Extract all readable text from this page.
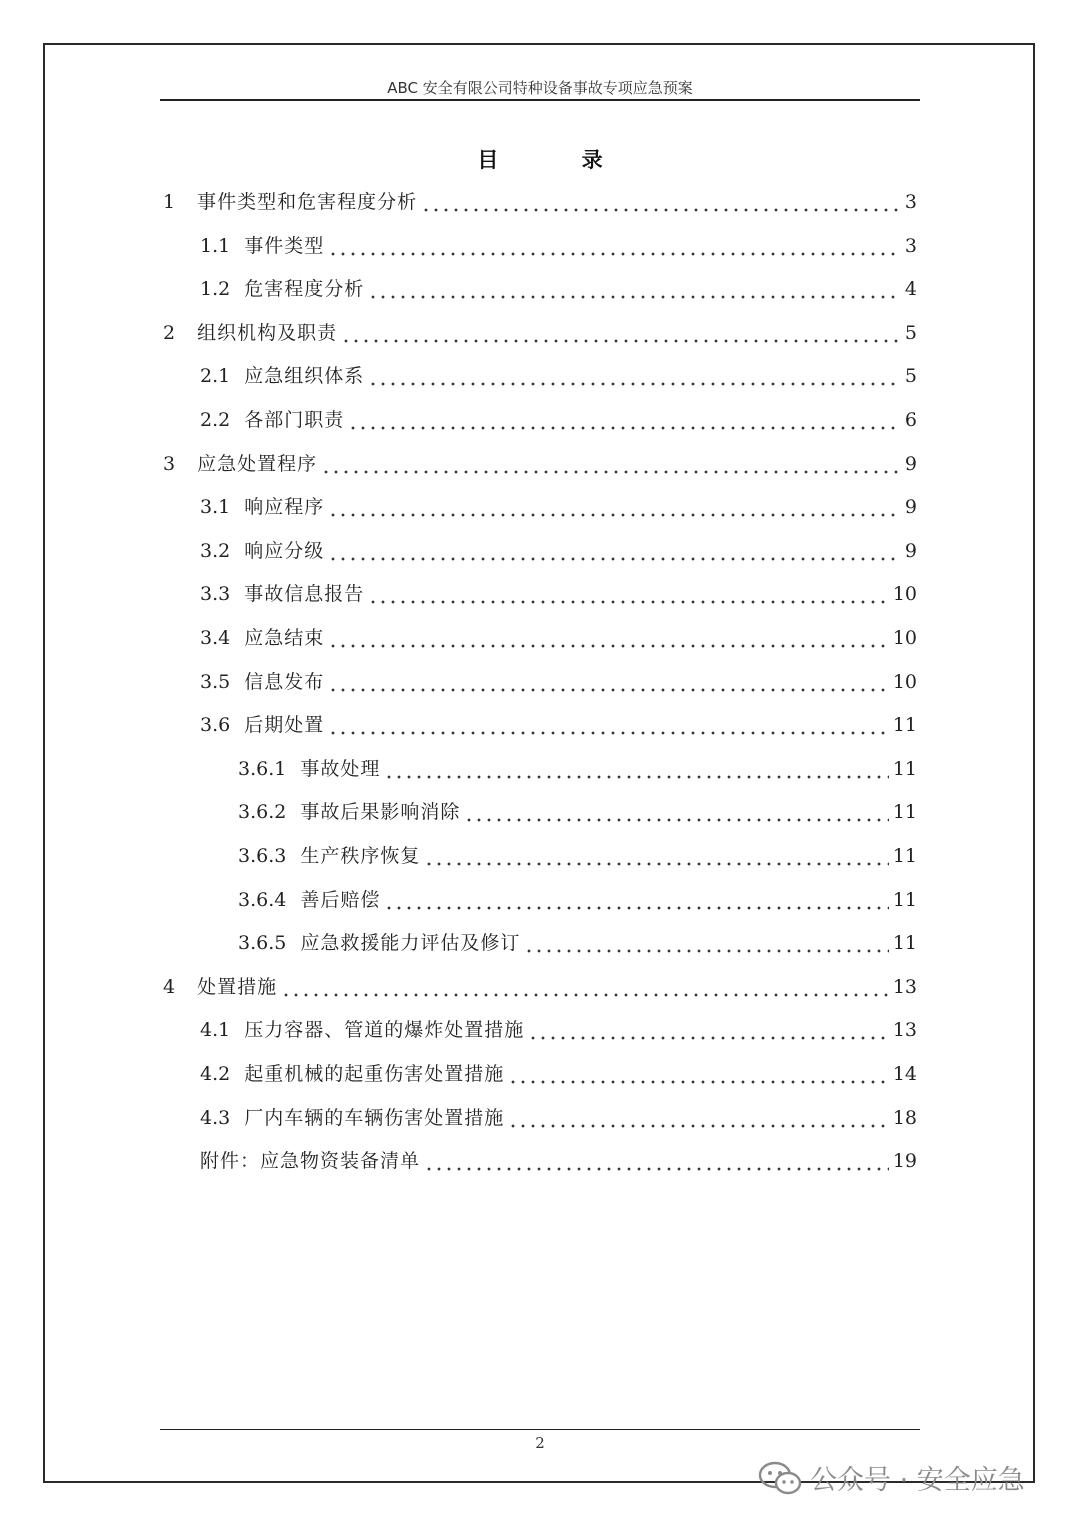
ABC 安全有限公司特种设备事故专项应急预案
目 录
1 事件类型和危害程度分析	3
1.1 事件类型	3
1.2 危害程度分析	4
2 组织机构及职责	5
2.1 应急组织体系	5
2.2 各部门职责	6
3 应急处置程序	9
3.1 响应程序	9
3.2 响应分级	9
3.3 事故信息报告	10
3.4 应急结束	10
3.5 信息发布	10
3.6 后期处置	11
3.6.1 事故处理	11
3.6.2 事故后果影响消除	11
3.6.3 生产秩序恢复	11
3.6.4 善后赔偿	11
3.6.5 应急救援能力评估及修订	11
4 处置措施	13
4.1 压力容器、管道的爆炸处置措施	13
4.2 起重机械的起重伤害处置措施	14
4.3 厂内车辆的车辆伤害处置措施	18
附件：应急物资装备清单	19
2
公众号 · 安全应急
